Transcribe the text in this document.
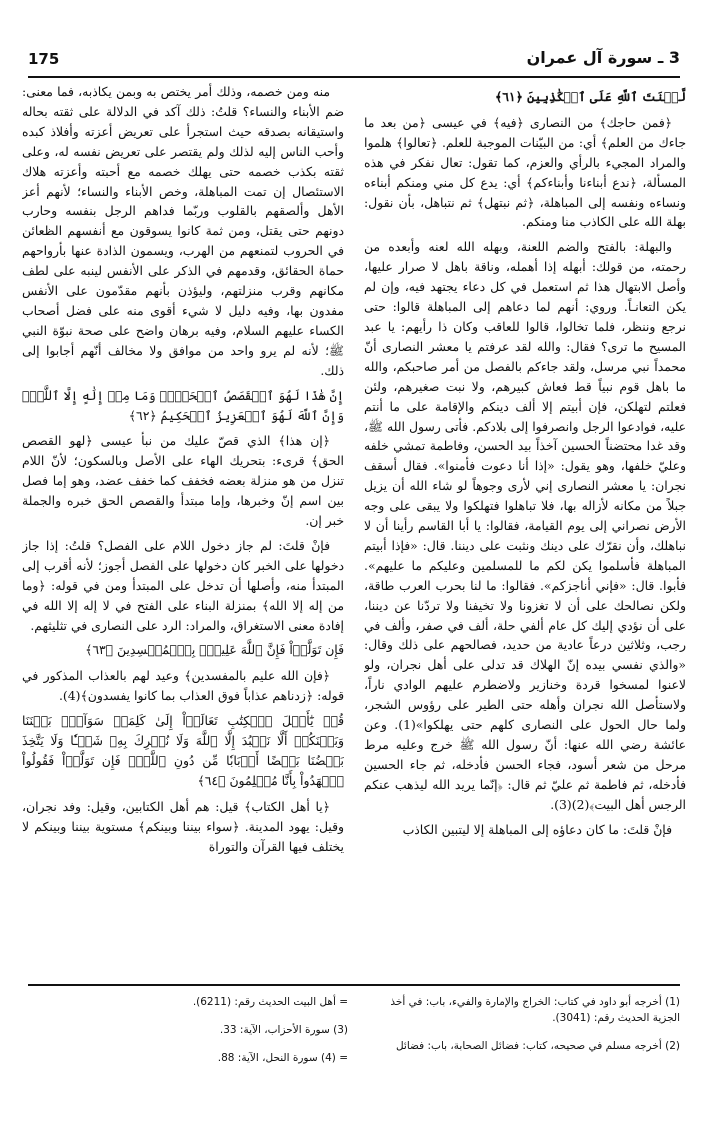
175	3 ـ سورة آل عمران

لَّعۡنَتَ ٱللَّهِ عَلَى ٱلۡكَٰذِبِينَ ﴿٦١﴾

﴿فمن حاجك﴾ من النصارى ﴿فيه﴾ في عيسى ﴿من بعد ما جاءك من العلم﴾ أي: من البيّنات الموجبة للعلم. ﴿تعالوا﴾ هلموا والمراد المجيء بالرأي والعزم، كما تقول: تعال نفكر في هذه المسألة، ﴿ندع أبناءنا وأبناءكم﴾ أي: يدع كل مني ومنكم أبناءه ونساءه ونفسه إلى المباهلة، ﴿ثم نبتهل﴾ ثم نتباهل، بأن نقول: بهلة الله على الكاذب منا ومنكم.

والبهلة: بالفتح والضم اللعنة، وبهله الله لعنه وأبعده من رحمته، من قولك: أبهله إذا أهمله، وناقة باهل لا صرار عليها، وأصل الابتهال هذا ثم استعمل في كل دعاء يجتهد فيه، وإن لم يكن التعانـاً. وروي: أنهم لما دعاهم إلى المباهلة قالوا: حتى نرجع وننظر، فلما تخالوا، قالوا للعاقب وكان ذا رأيهم: يا عبد المسيح ما ترى؟ فقال: والله لقد عرفتم يا معشر النصارى أنّ محمداً نبي مرسل، ولقد جاءكم بالفصل من أمر صاحبكم، والله ما باهل قوم نبياً قط فعاش كبيرهم، ولا نبت صغيرهم، ولئن فعلتم لتهلكن، فإن أبيتم إلا ألف دينكم والإقامة على ما أنتم عليه، فوادعوا الرجل وانصرفوا إلى بلادكم. فأتى رسول الله ﷺ، وقد غدا محتضناً الحسين آخذاً بيد الحسن، وفاطمة تمشي خلفه وعليّ خلفها، وهو يقول: «إذا أنا دعوت فأمنوا». فقال أسقف نجران: يا معشر النصارى إني لأرى وجوهاً لو شاء الله أن يزيل جبلاً من مكانه لأزاله بها، فلا تباهلوا فتهلكوا ولا يبقى على وجه الأرض نصراني إلى يوم القيامة، فقالوا: يا أبا القاسم رأينا أن لا نباهلك، وأن نقرّك على دينك ونثبت على ديننا. قال: «فإذا أبيتم المباهلة فأسلموا يكن لكم ما للمسلمين وعليكم ما عليهم». فأبوا. قال: «فإني أناجزكم». فقالوا: ما لنا بحرب العرب طاقة، ولكن نصالحك على أن لا تغزونا ولا تخيفنا ولا تردّنا عن ديننا، على أن نؤدي إليك كل عام ألفي حلة، ألف في صفر، وألف في رجب، وثلاثين درعاً عادية من حديد، فصالحهم على ذلك وقال: «والذي نفسي بيده إنّ الهلاك قد تدلى على أهل نجران، ولو لاعنوا لمسخوا قردة وخنازير ولاضطرم عليهم الوادي ناراً، ولاستأصل الله نجران وأهله حتى الطير على رؤوس الشجر، ولما حال الحول على النصارى كلهم حتى يهلكوا»(1). وعن عائشة رضي الله عنها: أنّ رسول الله ﷺ خرج وعليه مرط مرحل من شعر أسود، فجاء الحسن فأدخله، ثم جاء الحسين فأدخله، ثم فاطمة ثم عليّ ثم قال: ﴿إنّما يريد الله ليذهب عنكم الرجس أهل البيت﴾(2)(3).

فإنْ قلتَ: ما كان دعاؤه إلى المباهلة إلا ليتبين الكاذب

منه ومن خصمه، وذلك أمر يختص به وبمن يكاذبه، فما معنى: ضم الأبناء والنساء؟ قلتُ: ذلك آكد في الدلالة على ثقته بحاله واستيقانه بصدقه حيث استجرأ على تعريض أعزته وأفلاذ كبده وأحب الناس إليه لذلك ولم يقتصر على تعريض نفسه له، وعلى ثقته بكذب خصمه حتى يهلك خصمه مع أحبته وأعزته هلاك الاستئصال إن تمت المباهلة، وخص الأبناء والنساء؛ لأنهم أعز الأهل وألصقهم بالقلوب وربّما فداهم الرجل بنفسه وحارب دونهم حتى يقتل، ومن ثمة كانوا يسوقون مع أنفسهم الظعائن في الحروب لتمنعهم من الهرب، ويسمون الذادة عنها بأرواحهم حماة الحقائق، وقدمهم في الذكر على الأنفس لينبه على لطف مكانهم وقرب منزلتهم، وليؤذن بأنهم مقدّمون على الأنفس مفدون بها، وفيه دليل لا شيء أقوى منه على فضل أصحاب الكساء عليهم السلام، وفيه برهان واضح على صحة نبوّة النبي ﷺ؛ لأنه لم يرو واحد من موافق ولا مخالف أنّهم أجابوا إلى ذلك.

إِنَّ هَٰذَا لَهُوَ ٱلۡقَصَصُ ٱلۡحَقُّۚ وَمَا مِنۡ إِلَٰهٍ إِلَّا ٱللَّهُۚ وَإِنَّ ٱللَّهَ لَهُوَ ٱلۡعَزِيزُ ٱلۡحَكِيمُ ﴿٦٢﴾

﴿إن هذا﴾ الذي قصّ عليك من نبأ عيسى ﴿لهو القصص الحق﴾ قرىء: بتحريك الهاء على الأصل وبالسكون؛ لأنّ اللام تنزل من هو منزلة بعضه فخفف كما خفف عضد، وهو إما فصل بين اسم إنّ وخبرها، وإما مبتدأ والقصص الحق خبره والجملة خبر إن.

فإنْ قلتَ: لم جاز دخول اللام على الفصل؟ قلتُ: إذا جاز دخولها على الخبر كان دخولها على الفصل أجوز؛ لأنه أقرب إلى المبتدأ منه، وأصلها أن تدخل على المبتدأ ومن في قوله: ﴿وما من إله إلا الله﴾ بمنزلة البناء على الفتح في لا إله إلا الله في إفادة معنى الاستغراق، والمراد: الرد على النصارى في تثليثهم.

فَإِن تَوَلَّوۡاْ فَإِنَّ ٱللَّهَ عَلِيمُۢ بِٱلۡمُفۡسِدِينَ ﴿٦٣﴾

﴿فإن الله عليم بالمفسدين﴾ وعيد لهم بالعذاب المذكور في قوله: ﴿زدناهم عذاباً فوق العذاب بما كانوا يفسدون﴾(4).

قُلۡ يَٰٓأَهۡلَ ٱلۡكِتَٰبِ تَعَالَوۡاْ إِلَىٰ كَلِمَةٖ سَوَآءِۭ بَيۡنَنَا وَبَيۡنَكُمۡ أَلَّا نَعۡبُدَ إِلَّا ٱللَّهَ وَلَا نُشۡرِكَ بِهِۦ شَيۡـٔٗا وَلَا يَتَّخِذَ بَعۡضُنَا بَعۡضًا أَرۡبَابٗا مِّن دُونِ ٱللَّهِۚ فَإِن تَوَلَّوۡاْ فَقُولُواْ ٱشۡهَدُواْ بِأَنَّا مُسۡلِمُونَ ﴿٦٤﴾

﴿يا أهل الكتاب﴾ قيل: هم أهل الكتابين، وقيل: وفد نجران، وقيل: يهود المدينة. ﴿سواء بيننا وبينكم﴾ مستوية بيننا وبينكم لا يختلف فيها القرآن والتوراة

(1) أخرجه أبو داود في كتاب: الخراج والإمارة والفيء، باب: في أخذ الجزية الحديث رقم: (3041).

(2) أخرجه مسلم في صحيحه، كتاب: فضائل الصحابة، باب: فضائل

= أهل البيت الحديث رقم: (6211).

(3) سورة الأحزاب، الآية: 33.

= (4) سورة النحل، الآية: 88.
